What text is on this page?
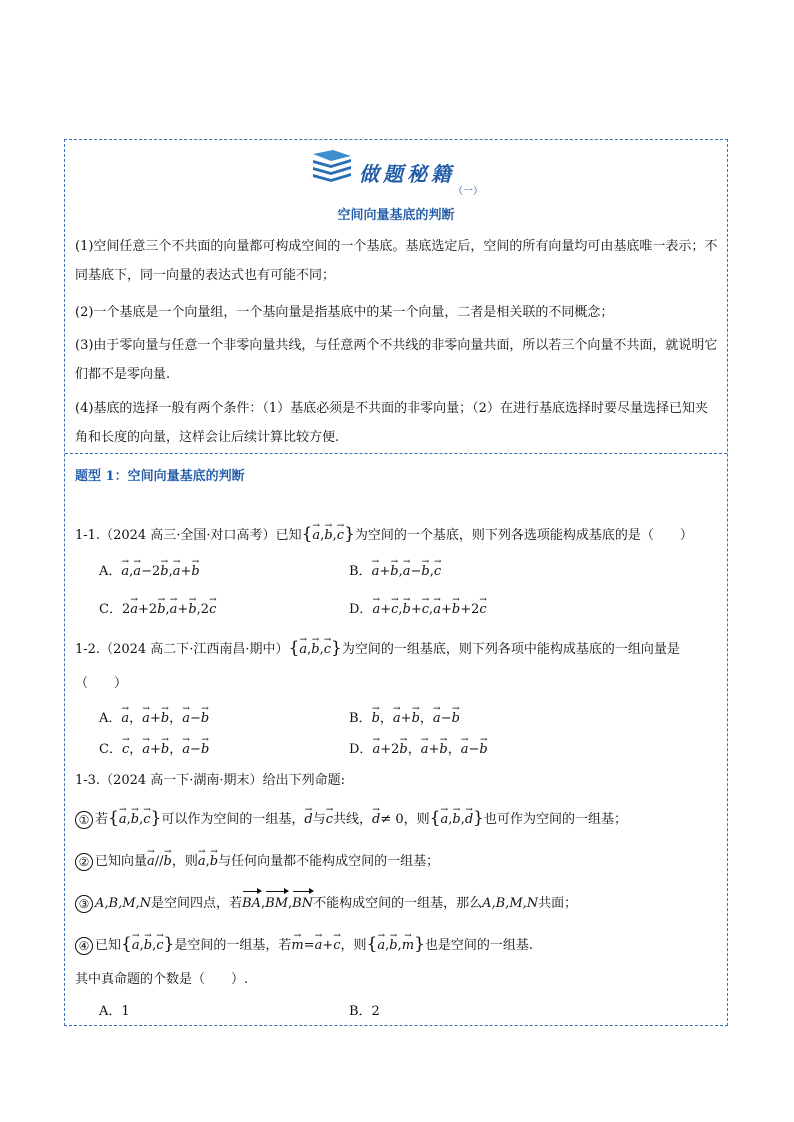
做题秘籍
（一）
空间向量基底的判断
(1)空间任意三个不共面的向量都可构成空间的一个基底。基底选定后，空间的所有向量均可由基底唯一表示；不同基底下，同一向量的表达式也有可能不同；
(2)一个基底是一个向量组，一个基向量是指基底中的某一个向量，二者是相关联的不同概念；
(3)由于零向量与任意一个非零向量共线，与任意两个不共线的非零向量共面，所以若三个向量不共面，就说明它们都不是零向量.
(4)基底的选择一般有两个条件：（1）基底必须是不共面的非零向量；（2）在进行基底选择时要尽量选择已知夹角和长度的向量，这样会让后续计算比较方便.
题型 1：空间向量基底的判断
1-1.（2024 高三·全国·对口高考）已知{→ a,→ b,→ c}为空间的一个基底，则下列各选项能构成基底的是（　　）
A．→ a,→ a−2→ b,→ a+→ b	B．→ a+→ b,→ a−→ b,→ c
C．2→ a+2→ b,→ a+→ b,2→ c	D．→ a+→ c,→ b+→ c,→ a+→ b+2→ c
1-2.（2024 高二下·江西南昌·期中）{→ a,→ b,→ c}为空间的一组基底，则下列各项中能构成基底的一组向量是
（　　）
A．→ a，→ a+→ b，→ a−→ b	B．→ b，→ a+→ b，→ a−→ b
C．→ c，→ a+→ b，→ a−→ b	D．→ a+2→ b，→ a+→ b，→ a−→ b
1-3.（2024 高一下·湖南·期末）给出下列命题:
① 若{→ a,→ b,→ c}可以作为空间的一组基，→ d与→ c共线，→ d≠ 0，则{→ a,→ b,→ d}也可作为空间的一组基；
② 已知向量→ a//→ b，则→ a,→ b与任何向量都不能构成空间的一组基；
③ A,B,M,N是空间四点，若BA,BM,BN不能构成空间的一组基，那么A,B,M,N共面；
④ 已知{→ a,→ b,→ c}是空间的一组基，若→ m=→ a+→ c，则{→ a,→ b,→ m}也是空间的一组基.
其中真命题的个数是（　　）.
A．1	B．2
